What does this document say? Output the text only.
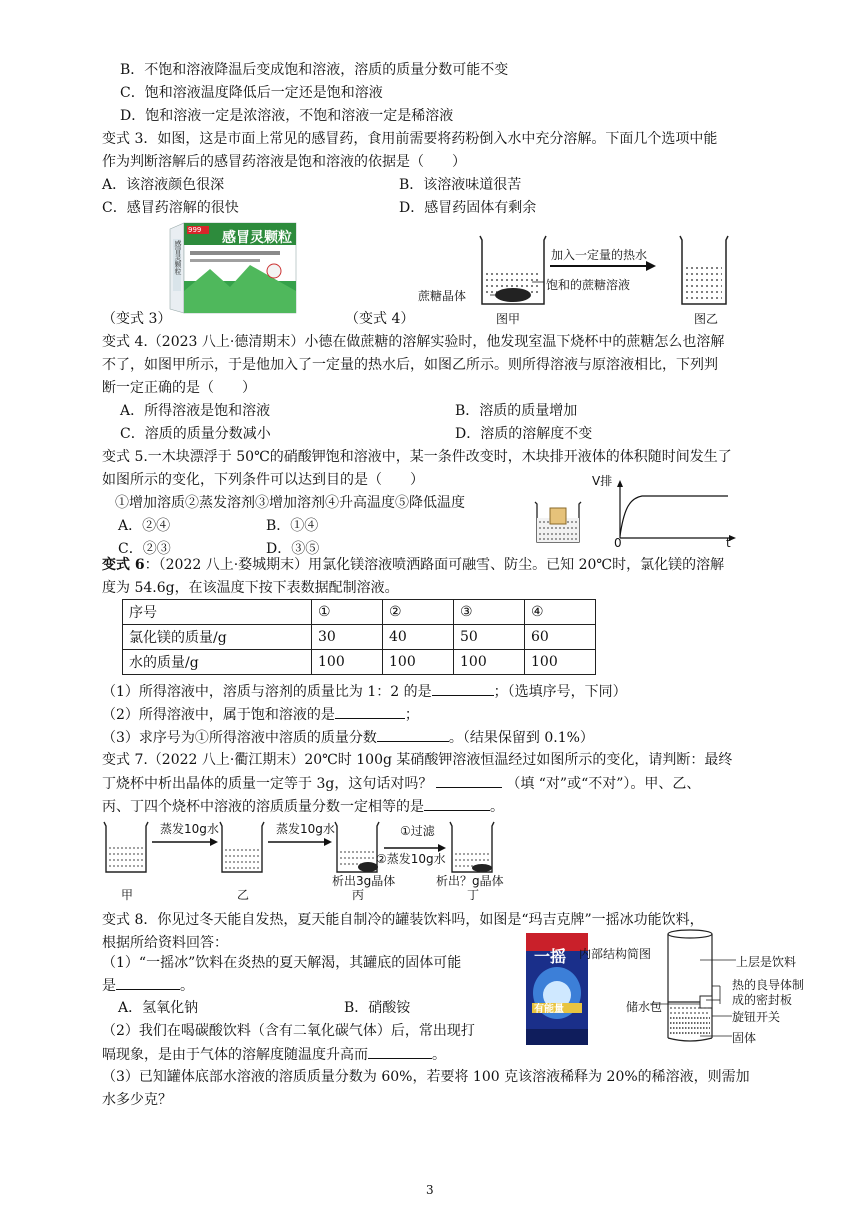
B．不饱和溶液降温后变成饱和溶液，溶质的质量分数可能不变
C．饱和溶液温度降低后一定还是饱和溶液
D．饱和溶液一定是浓溶液，不饱和溶液一定是稀溶液
变式 3．如图，这是市面上常见的感冒药，食用前需要将药粉倒入水中充分溶解。下面几个选项中能
作为判断溶解后的感冒药溶液是饱和溶液的依据是（　　）
A．该溶液颜色很深	B．该溶液味道很苦
C．感冒药溶解的很快	D．感冒药固体有剩余
感冒灵颗粒
999
感冒灵颗粒
（变式 3）	（变式 4）
加入一定量的热水
蔗糖晶体
饱和的蔗糖溶液
图甲	图乙
变式 4.（2023 八上·德清期末）小德在做蔗糖的溶解实验时，他发现室温下烧杯中的蔗糖怎么也溶解
不了，如图甲所示，于是他加入了一定量的热水后，如图乙所示。则所得溶液与原溶液相比，下列判
断一定正确的是（　　）
A．所得溶液是饱和溶液	B．溶质的质量增加
C．溶质的质量分数减小	D．溶质的溶解度不变
变式 5.一木块漂浮于 50℃的硝酸钾饱和溶液中，某一条件改变时，木块排开液体的体积随时间发生了
如图所示的变化，下列条件可以达到目的是（　　）
①增加溶质②蒸发溶剂③增加溶剂④升高温度⑤降低温度
A．②④	B．①④
C．②③	D．③⑤
V排
0	t
变式 6：（2022 八上·婺城期末）用氯化镁溶液喷洒路面可融雪、防尘。已知 20℃时，氯化镁的溶解
度为 54.6g，在该温度下按下表数据配制溶液。
序号	①	②	③	④
氯化镁的质量/g	30	40	50	60
水的质量/g	100	100	100	100
（1）所得溶液中，溶质与溶剂的质量比为 1：2 的是	；（选填序号，下同）
（2）所得溶液中，属于饱和溶液的是	；
（3）求序号为①所得溶液中溶质的质量分数	。（结果保留到 0.1%）
变式 7.（2022 八上·衢江期末）20℃时 100g 某硝酸钾溶液恒温经过如图所示的变化，请判断：最终
丁烧杯中析出晶体的质量一定等于 3g，这句话对吗？	（填 “对”或“不对”）。甲、乙、
丙、丁四个烧杯中溶液的溶质质量分数一定相等的是	。
蒸发10g水	蒸发10g水	①过滤
②蒸发10g水
析出3g晶体	析出？g晶体
甲	乙	丙	丁
变式 8．你见过冬天能自发热，夏天能自制冷的罐装饮料吗，如图是“玛吉克牌”一摇冰功能饮料，
根据所给资料回答：
（1）“一摇冰”饮料在炎热的夏天解渴，其罐底的固体可能
是	。
A．氢氧化钠	B．硝酸铵
（2）我们在喝碳酸饮料（含有二氧化碳气体）后，常出现打
嗝现象，是由于气体的溶解度随温度升高而	。
（3）已知罐体底部水溶液的溶质质量分数为 60%，若要将 100 克该溶液稀释为 20%的稀溶液，则需加
水多少克？
一摇
有能量
内部结构简图
上层是饮料
热的良导体制
成的密封板
储水包
旋钮开关
固体
3
